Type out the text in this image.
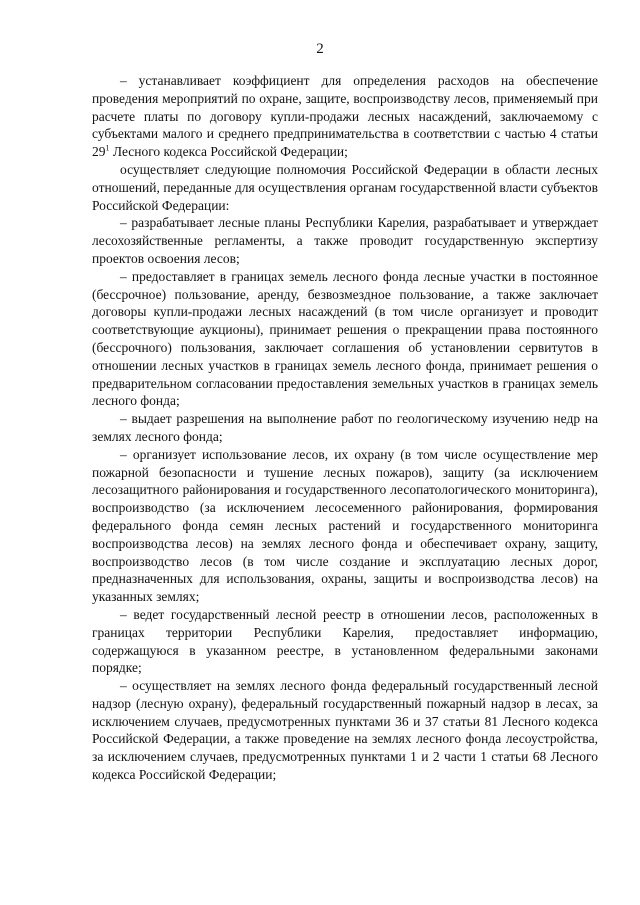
2

– устанавливает коэффициент для определения расходов на обеспечение проведения мероприятий по охране, защите, воспроизводству лесов, применяемый при расчете платы по договору купли-продажи лесных насаждений, заключаемому с субъектами малого и среднего предпринимательства в соответствии с частью 4 статьи $29^1$ Лесного кодекса Российской Федерации;

осуществляет следующие полномочия Российской Федерации в области лесных отношений, переданные для осуществления органам государственной власти субъектов Российской Федерации:

– разрабатывает лесные планы Республики Карелия, разрабатывает и утверждает лесохозяйственные регламенты, а также проводит государственную экспертизу проектов освоения лесов;

– предоставляет в границах земель лесного фонда лесные участки в постоянное (бессрочное) пользование, аренду, безвозмездное пользование, а также заключает договоры купли-продажи лесных насаждений (в том числе организует и проводит соответствующие аукционы), принимает решения о прекращении права постоянного (бессрочного) пользования, заключает соглашения об установлении сервитутов в отношении лесных участков в границах земель лесного фонда, принимает решения о предварительном согласовании предоставления земельных участков в границах земель лесного фонда;

– выдает разрешения на выполнение работ по геологическому изучению недр на землях лесного фонда;

– организует использование лесов, их охрану (в том числе осуществление мер пожарной безопасности и тушение лесных пожаров), защиту (за исключением лесозащитного районирования и государственного лесопатологического мониторинга), воспроизводство (за исключением лесосеменного районирования, формирования федерального фонда семян лесных растений и государственного мониторинга воспроизводства лесов) на землях лесного фонда и обеспечивает охрану, защиту, воспроизводство лесов (в том числе создание и эксплуатацию лесных дорог, предназначенных для использования, охраны, защиты и воспроизводства лесов) на указанных землях;

– ведет государственный лесной реестр в отношении лесов, расположенных в границах территории Республики Карелия, предоставляет информацию, содержащуюся в указанном реестре, в установленном федеральными законами порядке;

– осуществляет на землях лесного фонда федеральный государственный лесной надзор (лесную охрану), федеральный государственный пожарный надзор в лесах, за исключением случаев, предусмотренных пунктами 36 и 37 статьи 81 Лесного кодекса Российской Федерации, а также проведение на землях лесного фонда лесоустройства, за исключением случаев, предусмотренных пунктами 1 и 2 части 1 статьи 68 Лесного кодекса Российской Федерации;
